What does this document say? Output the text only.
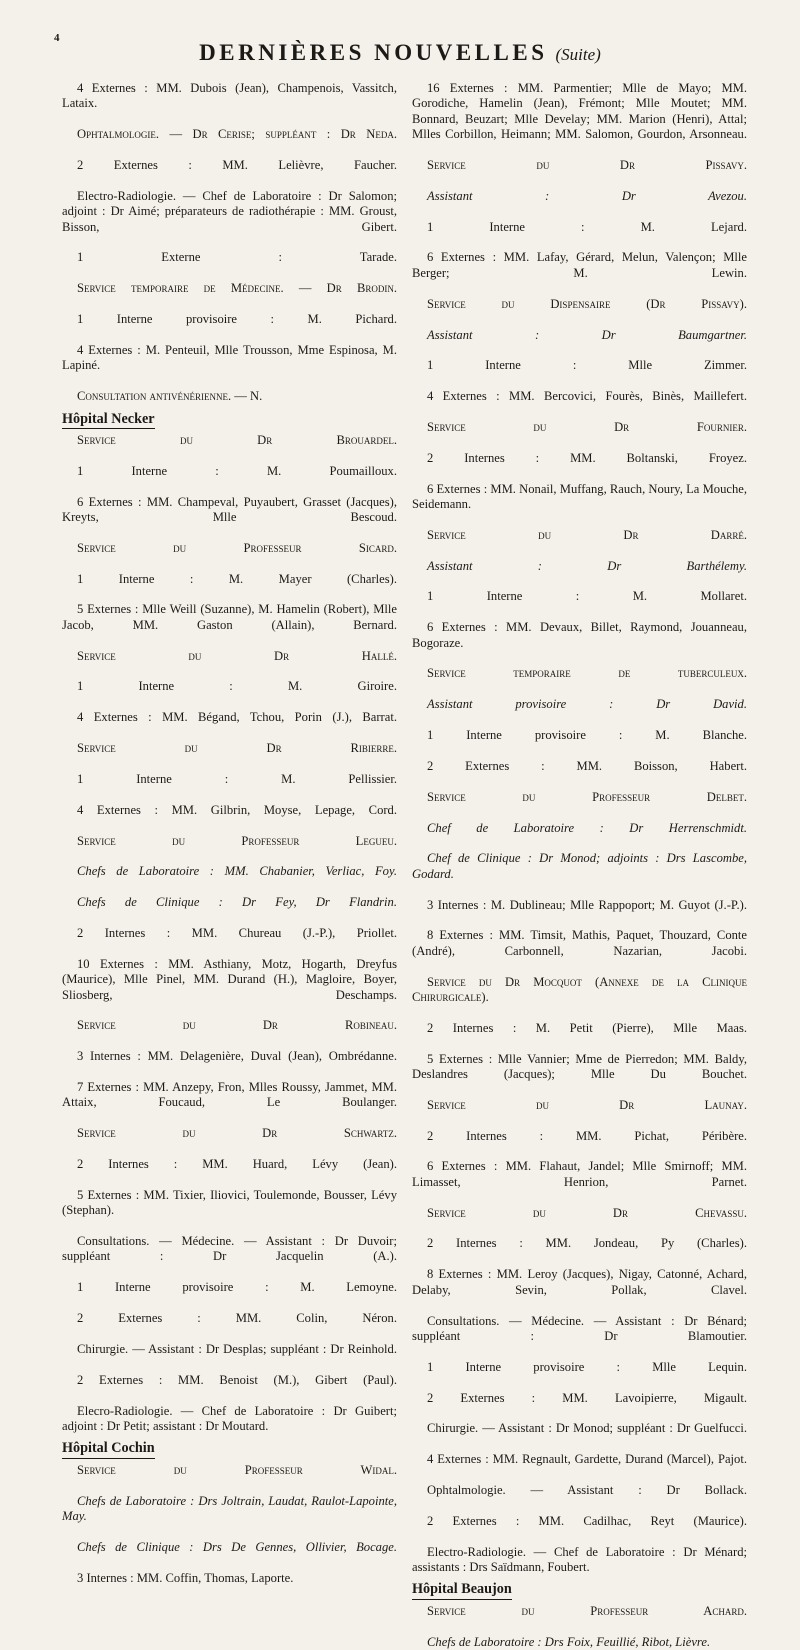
4
DERNIÈRES NOUVELLES (Suite)

4 Externes : MM. Dubois (Jean), Champenois, Vassitch, Lataix.

Ophtalmologie. — Dr Cerise; suppléant : Dr Neda.

2 Externes : MM. Lelièvre, Faucher.

Electro-Radiologie. — Chef de Laboratoire : Dr Salomon; adjoint : Dr Aimé; préparateurs de radiothérapie : MM. Groust, Bisson, Gibert.

1 Externe : Tarade.

Service temporaire de Médecine. — Dr Brodin.

1 Interne provisoire : M. Pichard.

4 Externes : M. Penteuil, Mlle Trousson, Mme Espinosa, M. Lapiné.

Consultation antivénérienne. — N.

Hôpital Necker

Service du Dr Brouardel.

1 Interne : M. Poumailloux.

6 Externes : MM. Champeval, Puyaubert, Grasset (Jacques), Kreyts, Mlle Bescoud.

Service du Professeur Sicard.

1 Interne : M. Mayer (Charles).

5 Externes : Mlle Weill (Suzanne), M. Hamelin (Robert), Mlle Jacob, MM. Gaston (Allain), Bernard.

Service du Dr Hallé.

1 Interne : M. Giroire.

4 Externes : MM. Bégand, Tchou, Porin (J.), Barrat.

Service du Dr Ribierre.

1 Interne : M. Pellissier.

4 Externes : MM. Gilbrin, Moyse, Lepage, Cord.

Service du Professeur Legueu.

Chefs de Laboratoire : MM. Chabanier, Verliac, Foy.

Chefs de Clinique : Dr Fey, Dr Flandrin.

2 Internes : MM. Chureau (J.-P.), Priollet.

10 Externes : MM. Asthiany, Motz, Hogarth, Dreyfus (Maurice), Mlle Pinel, MM. Durand (H.), Magloire, Boyer, Sliosberg, Deschamps.

Service du Dr Robineau.

3 Internes : MM. Delagenière, Duval (Jean), Ombrédanne.

7 Externes : MM. Anzepy, Fron, Mlles Roussy, Jammet, MM. Attaix, Foucaud, Le Boulanger.

Service du Dr Schwartz.

2 Internes : MM. Huard, Lévy (Jean).

5 Externes : MM. Tixier, Iliovici, Toulemonde, Bousser, Lévy (Stephan).

Consultations. — Médecine. — Assistant : Dr Duvoir; suppléant : Dr Jacquelin (A.).

1 Interne provisoire : M. Lemoyne.

2 Externes : MM. Colin, Néron.

Chirurgie. — Assistant : Dr Desplas; suppléant : Dr Reinhold.

2 Externes : MM. Benoist (M.), Gibert (Paul).

Elecro-Radiologie. — Chef de Laboratoire : Dr Guibert; adjoint : Dr Petit; assistant : Dr Moutard.

Hôpital Cochin

Service du Professeur Widal.

Chefs de Laboratoire : Drs Joltrain, Laudat, Raulot-Lapointe, May.

Chefs de Clinique : Drs De Gennes, Ollivier, Bocage.

3 Internes : MM. Coffin, Thomas, Laporte.

16 Externes : MM. Parmentier; Mlle de Mayo; MM. Gorodiche, Hamelin (Jean), Frémont; Mlle Moutet; MM. Bonnard, Beuzart; Mlle Develay; MM. Marion (Henri), Attal; Mlles Corbillon, Heimann; MM. Salomon, Gourdon, Arsonneau.

Service du Dr Pissavy.

Assistant : Dr Avezou.

1 Interne : M. Lejard.

6 Externes : MM. Lafay, Gérard, Melun, Valençon; Mlle Berger; M. Lewin.

Service du Dispensaire (Dr Pissavy).

Assistant : Dr Baumgartner.

1 Interne : Mlle Zimmer.

4 Externes : MM. Bercovici, Fourès, Binès, Maillefert.

Service du Dr Fournier.

2 Internes : MM. Boltanski, Froyez.

6 Externes : MM. Nonail, Muffang, Rauch, Noury, La Mouche, Seidemann.

Service du Dr Darré.

Assistant : Dr Barthélemy.

1 Interne : M. Mollaret.

6 Externes : MM. Devaux, Billet, Raymond, Jouanneau, Bogoraze.

Service temporaire de tuberculeux.

Assistant provisoire : Dr David.

1 Interne provisoire : M. Blanche.

2 Externes : MM. Boisson, Habert.

Service du Professeur Delbet.

Chef de Laboratoire : Dr Herrenschmidt.

Chef de Clinique : Dr Monod; adjoints : Drs Lascombe, Godard.

3 Internes : M. Dublineau; Mlle Rappoport; M. Guyot (J.-P.).

8 Externes : MM. Timsit, Mathis, Paquet, Thouzard, Conte (André), Carbonnell, Nazarian, Jacobi.

Service du Dr Mocquot (Annexe de la Clinique Chirurgicale).

2 Internes : M. Petit (Pierre), Mlle Maas.

5 Externes : Mlle Vannier; Mme de Pierredon; MM. Baldy, Deslandres (Jacques); Mlle Du Bouchet.

Service du Dr Launay.

2 Internes : MM. Pichat, Péribère.

6 Externes : MM. Flahaut, Jandel; Mlle Smirnoff; MM. Limasset, Henrion, Parnet.

Service du Dr Chevassu.

2 Internes : MM. Jondeau, Py (Charles).

8 Externes : MM. Leroy (Jacques), Nigay, Catonné, Achard, Delaby, Sevin, Pollak, Clavel.

Consultations. — Médecine. — Assistant : Dr Bénard; suppléant : Dr Blamoutier.

1 Interne provisoire : Mlle Lequin.

2 Externes : MM. Lavoipierre, Migault.

Chirurgie. — Assistant : Dr Monod; suppléant : Dr Guelfucci.

4 Externes : MM. Regnault, Gardette, Durand (Marcel), Pajot.

Ophtalmologie. — Assistant : Dr Bollack.

2 Externes : MM. Cadilhac, Reyt (Maurice).

Electro-Radiologie. — Chef de Laboratoire : Dr Ménard; assistants : Drs Saïdmann, Foubert.

Hôpital Beaujon

Service du Professeur Achard.

Chefs de Laboratoire : Drs Foix, Feuillié, Ribot, Lièvre.
